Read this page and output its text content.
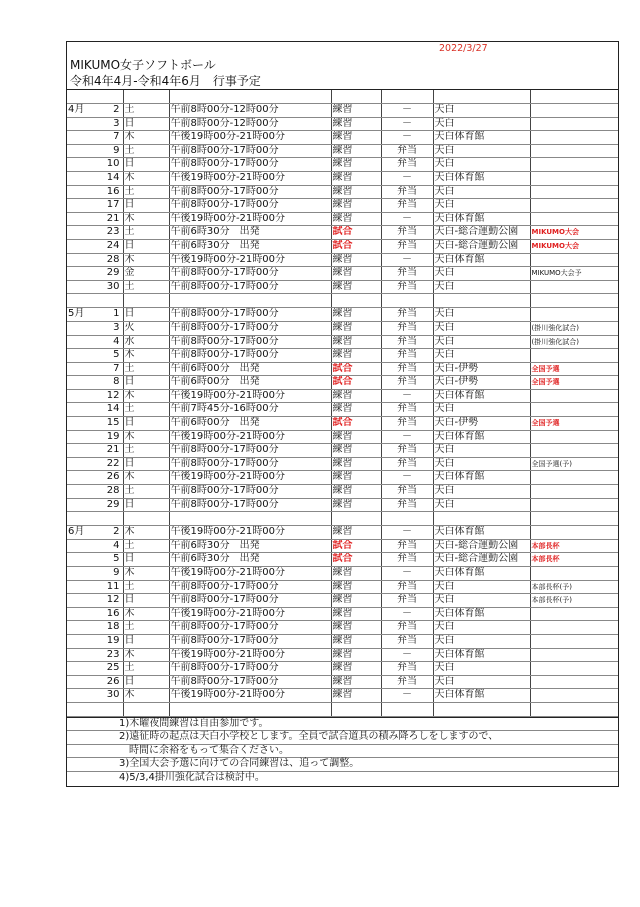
2022/3/27
MIKUMO女子ソフトボール
令和4年4月-令和4年6月　行事予定

4月 2	土	午前8時00分-12時00分	練習	－	天白	
3	日	午前8時00分-12時00分	練習	－	天白	
7	木	午後19時00分-21時00分	練習	－	天白体育館	
9	土	午前8時00分-17時00分	練習	弁当	天白	
10	日	午前8時00分-17時00分	練習	弁当	天白	
14	木	午後19時00分-21時00分	練習	－	天白体育館	
16	土	午前8時00分-17時00分	練習	弁当	天白	
17	日	午前8時00分-17時00分	練習	弁当	天白	
21	木	午後19時00分-21時00分	練習	－	天白体育館	
23	土	午前6時30分　出発	試合	弁当	天白-総合運動公園	MIKUMO大会
24	日	午前6時30分　出発	試合	弁当	天白-総合運動公園	MIKUMO大会
28	木	午後19時00分-21時00分	練習	－	天白体育館	
29	金	午前8時00分-17時00分	練習	弁当	天白	MIKUMO大会予
30	土	午前8時00分-17時00分	練習	弁当	天白	

5月 1	日	午前8時00分-17時00分	練習	弁当	天白	
3	火	午前8時00分-17時00分	練習	弁当	天白	(掛川強化試合)
4	水	午前8時00分-17時00分	練習	弁当	天白	(掛川強化試合)
5	木	午前8時00分-17時00分	練習	弁当	天白	
7	土	午前6時00分　出発	試合	弁当	天白-伊勢	全国予選
8	日	午前6時00分　出発	試合	弁当	天白-伊勢	全国予選
12	木	午後19時00分-21時00分	練習	－	天白体育館	
14	土	午前7時45分-16時00分	練習	弁当	天白	
15	日	午前6時00分　出発	試合	弁当	天白-伊勢	全国予選
19	木	午後19時00分-21時00分	練習	－	天白体育館	
21	土	午前8時00分-17時00分	練習	弁当	天白	
22	日	午前8時00分-17時00分	練習	弁当	天白	全国予選(予)
26	木	午後19時00分-21時00分	練習	－	天白体育館	
28	土	午前8時00分-17時00分	練習	弁当	天白	
29	日	午前8時00分-17時00分	練習	弁当	天白	

6月 2	木	午後19時00分-21時00分	練習	－	天白体育館	
4	土	午前6時30分　出発	試合	弁当	天白-総合運動公園	本部長杯
5	日	午前6時30分　出発	試合	弁当	天白-総合運動公園	本部長杯
9	木	午後19時00分-21時00分	練習	－	天白体育館	
11	土	午前8時00分-17時00分	練習	弁当	天白	本部長杯(予)
12	日	午前8時00分-17時00分	練習	弁当	天白	本部長杯(予)
16	木	午後19時00分-21時00分	練習	－	天白体育館	
18	土	午前8時00分-17時00分	練習	弁当	天白	
19	日	午前8時00分-17時00分	練習	弁当	天白	
23	木	午後19時00分-21時00分	練習	－	天白体育館	
25	土	午前8時00分-17時00分	練習	弁当	天白	
26	日	午前8時00分-17時00分	練習	弁当	天白	
30	木	午後19時00分-21時00分	練習	－	天白体育館	

1)木曜夜間練習は自由参加です。
2)遠征時の起点は天白小学校とします。全員で試合道具の積み降ろしをしますので、
時間に余裕をもって集合ください。
3)全国大会予選に向けての合同練習は、追って調整。
4)5/3,4掛川強化試合は検討中。
